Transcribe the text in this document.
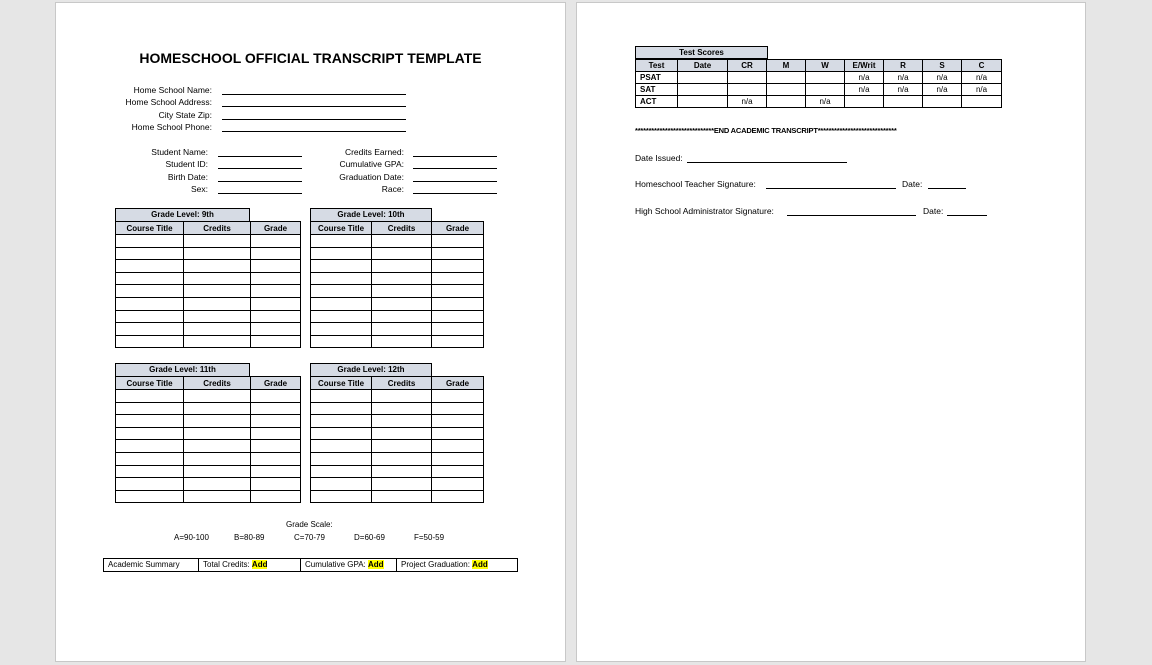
HOMESCHOOL OFFICIAL TRANSCRIPT TEMPLATE
Home School Name:
Home School Address:
City State Zip:
Home School Phone:
Student Name:
Student ID:
Birth Date:
Sex:
Credits Earned:
Cumulative GPA:
Graduation Date:
Race:
Grade Level: 9th
Course Title	Credits	Grade

Grade Level: 10th
Course Title	Credits	Grade

Grade Level: 11th
Course Title	Credits	Grade

Grade Level: 12th
Course Title	Credits	Grade

Grade Scale:
A=90-100	B=80-89	C=70-79	D=60-69	F=50-59
Academic Summary	Total Credits: Add	Cumulative GPA: Add	Project Graduation: Add
Test Scores
Test	Date	CR	M	W	E/Writ	R	S	C
PSAT					n/a	n/a	n/a	n/a
SAT					n/a	n/a	n/a	n/a
ACT		n/a		n/a				
*****************************END ACADEMIC TRANSCRIPT*****************************
Date Issued:
Homeschool Teacher Signature:	Date:
High School Administrator Signature:	Date:
